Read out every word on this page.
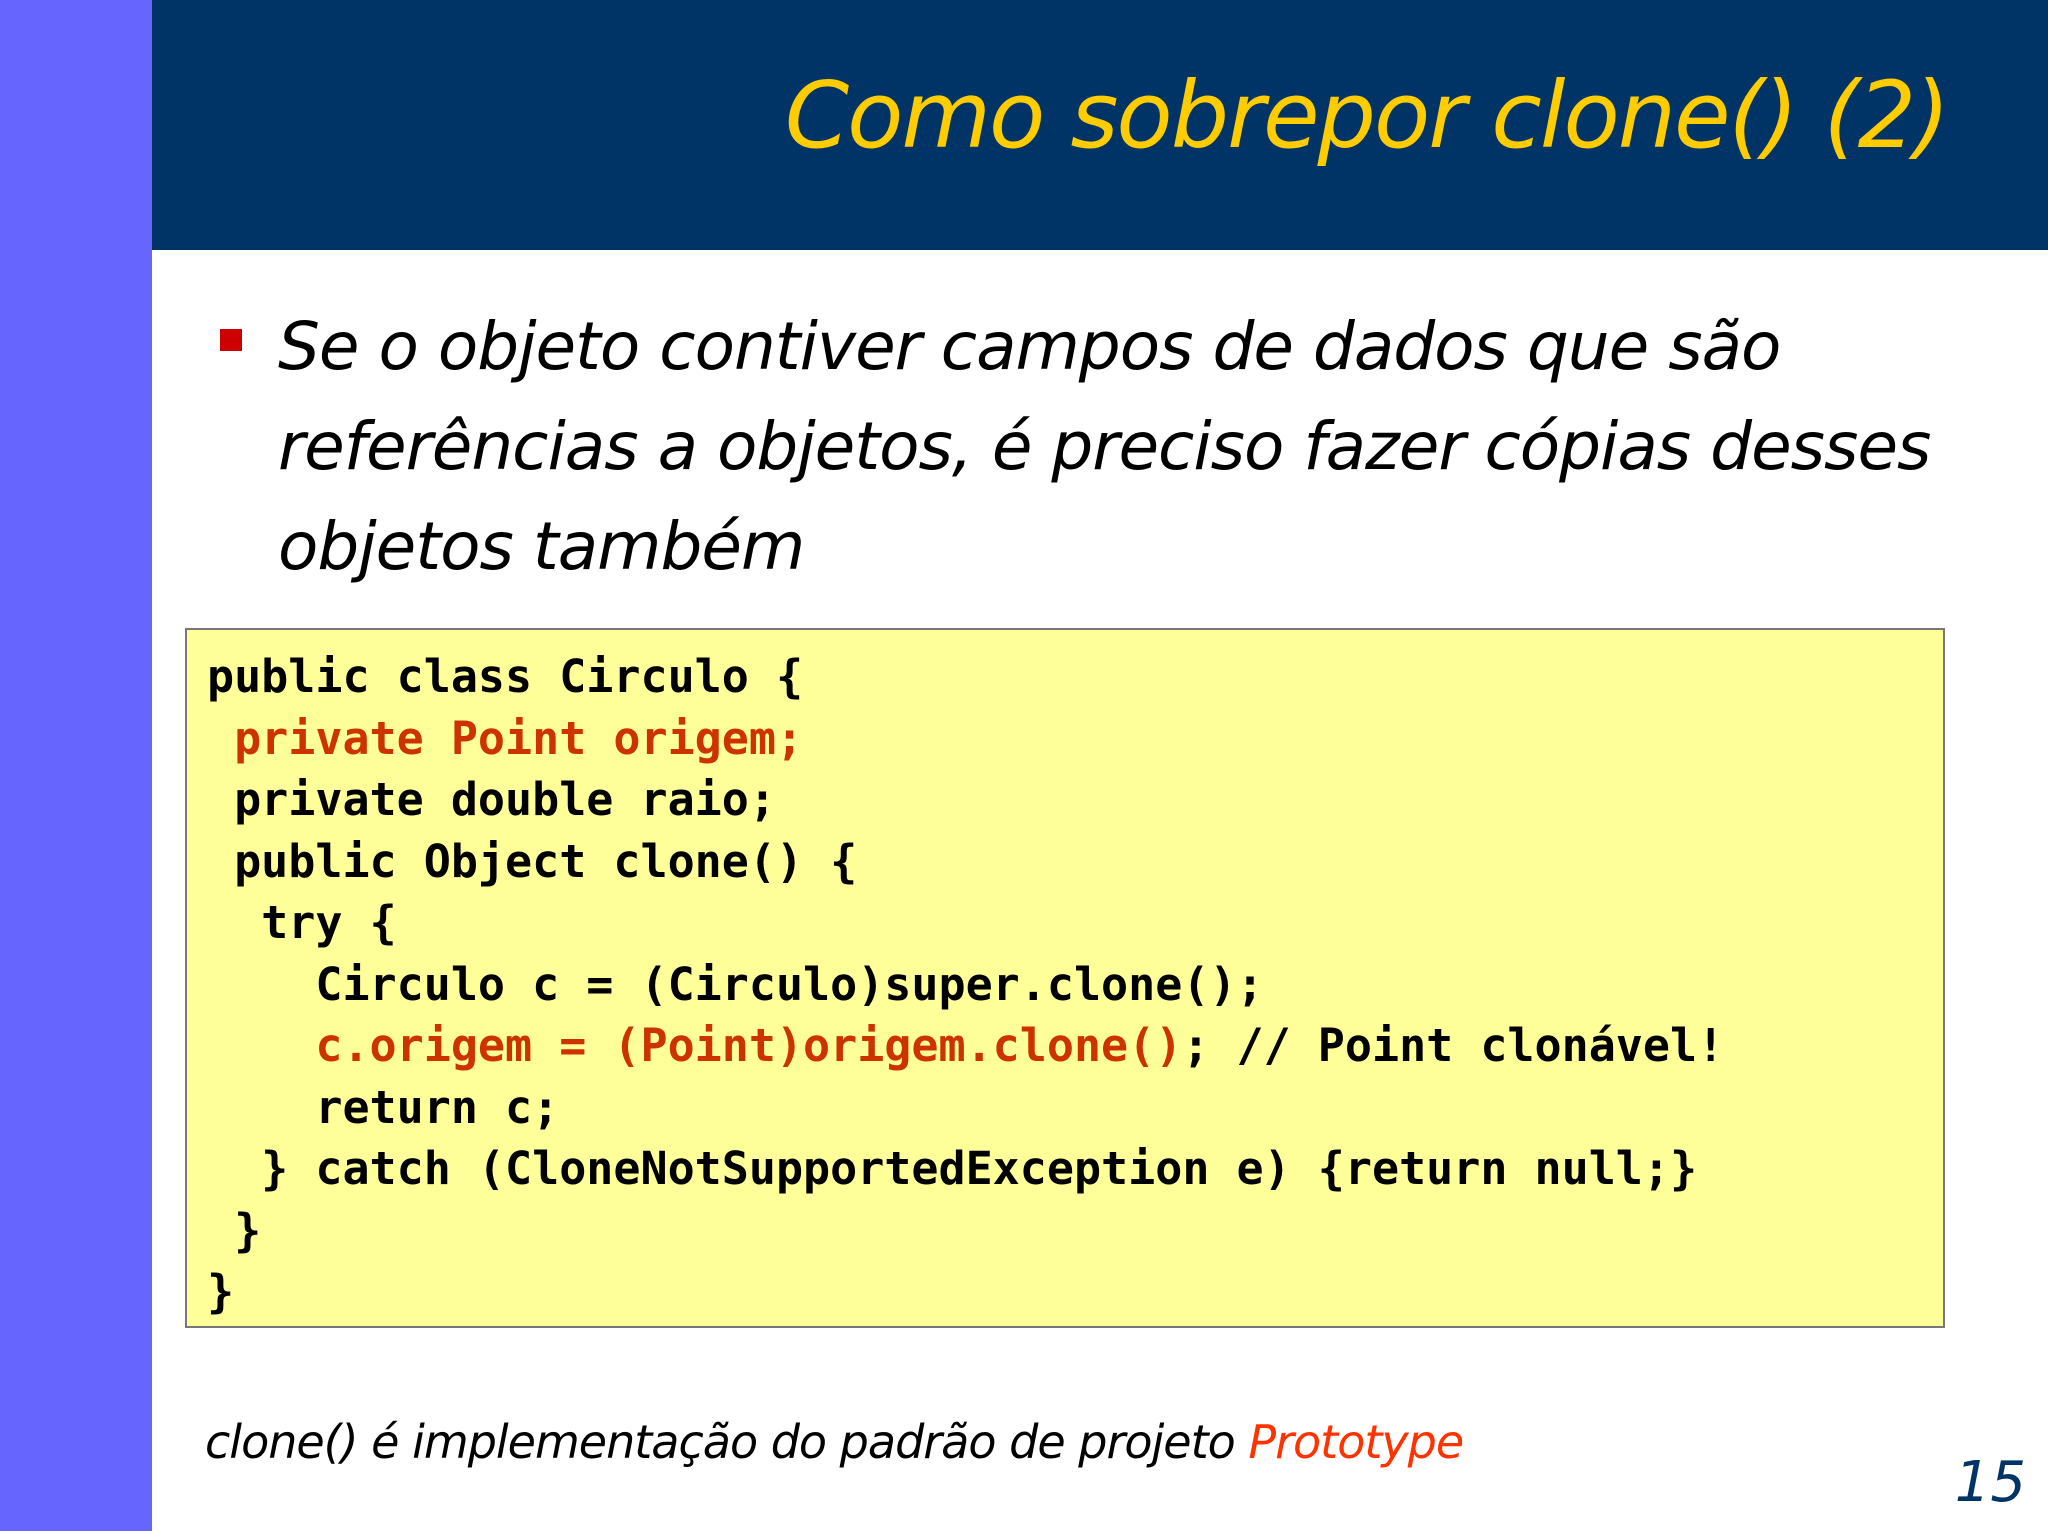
Como sobrepor clone() (2)
Se o objeto contiver campos de dados que são referências a objetos, é preciso fazer cópias desses objetos também
public class Circulo {
private Point origem;
private double raio;
public Object clone() {
try {
Circulo c = (Circulo)super.clone();
c.origem = (Point)origem.clone(); // Point clonável!
return c;
} catch (CloneNotSupportedException e) {return null;}
}
}
clone() é implementação do padrão de projeto Prototype
15
